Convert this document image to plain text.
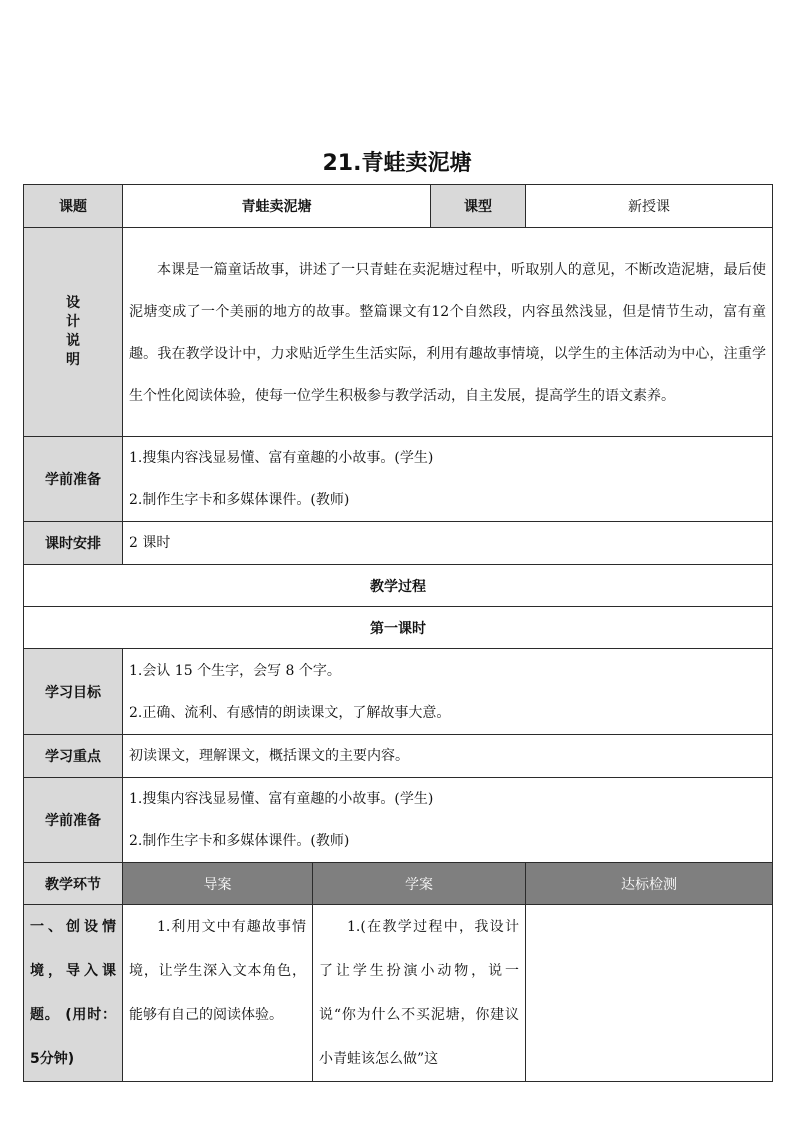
21.青蛙卖泥塘
课题	青蛙卖泥塘		课型	新授课
设计说明	本课是一篇童话故事，讲述了一只青蛙在卖泥塘过程中，听取别人的意见，不断改造泥塘，最后使泥塘变成了一个美丽的地方的故事。整篇课文有12个自然段，内容虽然浅显，但是情节生动，富有童趣。我在教学设计中，力求贴近学生生活实际，利用有趣故事情境，以学生的主体活动为中心，注重学生个性化阅读体验，使每一位学生积极参与教学活动，自主发展，提高学生的语文素养。			
学前准备	1.搜集内容浅显易懂、富有童趣的小故事。(学生)
2.制作生字卡和多媒体课件。(教师)			

课时安排	2 课时			
教学过程				
第一课时				
学习目标	1.会认 15 个生字，会写 8 个字。
2.正确、流利、有感情的朗读课文，了解故事大意。			

学习重点	初读课文，理解课文，概括课文的主要内容。			
学前准备	1.搜集内容浅显易懂、富有童趣的小故事。(学生)
2.制作生字卡和多媒体课件。(教师)			

教学环节	导案	学案		达标检测
一、创设情境，导入课题。 (用时：5分钟)	1.利用文中有趣故事情境，让学生深入文本角色，能够有自己的阅读体验。	1.(在教学过程中，我设计了让学生扮演小动物，说一说“你为什么不买泥塘，你建议小青蛙该怎么做”这		
